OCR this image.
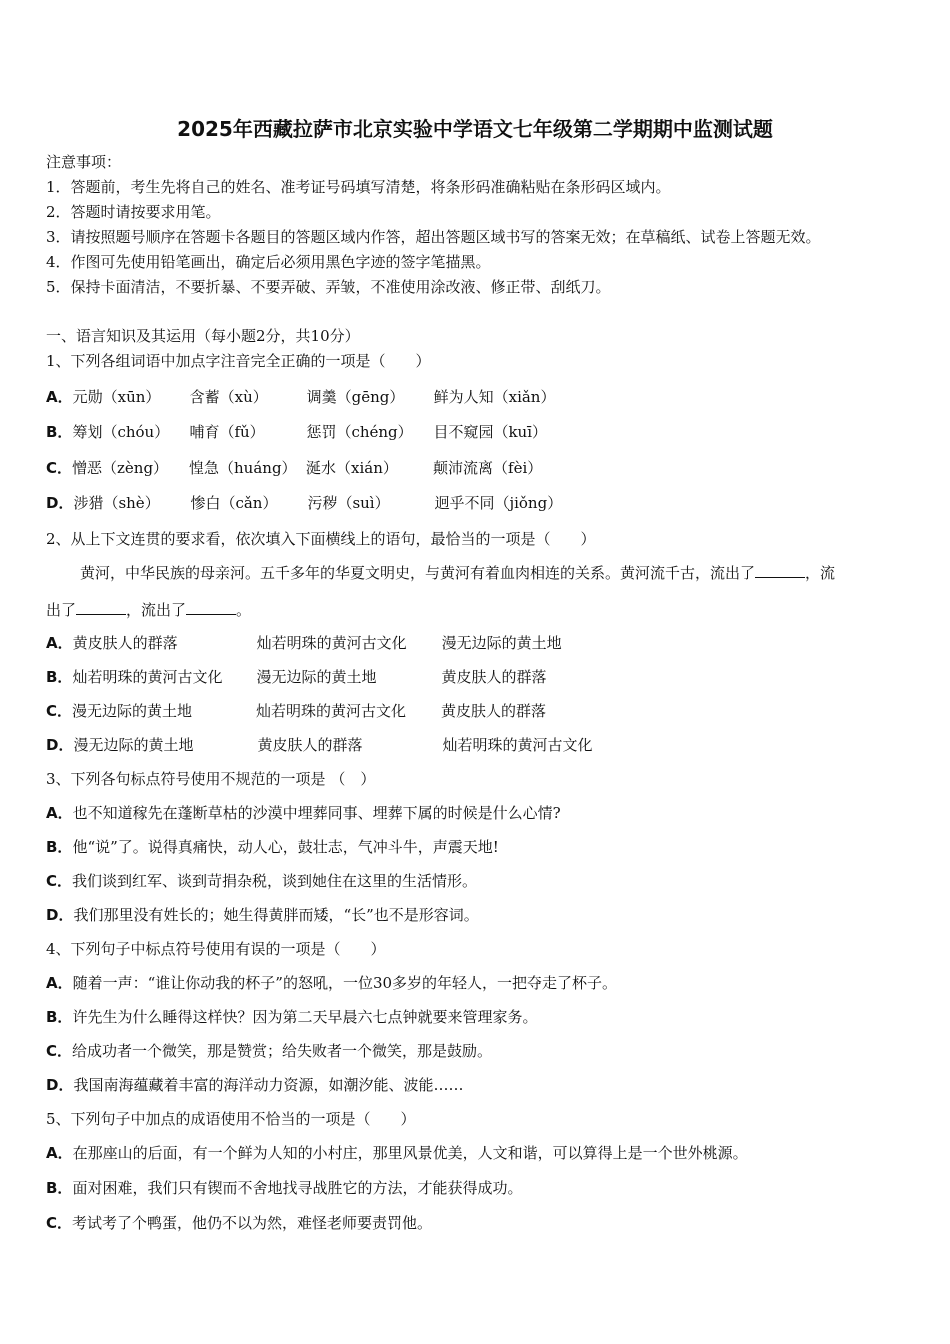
2025年西藏拉萨市北京实验中学语文七年级第二学期期中监测试题
注意事项：
1．答题前，考生先将自己的姓名、准考证号码填写清楚，将条形码准确粘贴在条形码区域内。
2．答题时请按要求用笔。
3．请按照题号顺序在答题卡各题目的答题区域内作答，超出答题区域书写的答案无效；在草稿纸、试卷上答题无效。
4．作图可先使用铅笔画出，确定后必须用黑色字迹的签字笔描黑。
5．保持卡面清洁，不要折暴、不要弄破、弄皱，不准使用涂改液、修正带、刮纸刀。
一、语言知识及其运用（每小题2分，共10分）
1、下列各组词语中加点字注音完全正确的一项是（　　）
A．元勋（xūn） 含蓄（xù）	调羹（gēng） 鲜为人知（xiǎn）
B．筹划（chóu） 哺育（fǔ）	惩罚（chéng） 目不窥园（kuī）
C．憎恶（zèng） 惶急（huáng） 涎水（xián） 颠沛流离（fèi）
D．涉猎（shè） 惨白（cǎn） 污秽（suì）	迥乎不同（jiǒng）
2、从上下文连贯的要求看，依次填入下面横线上的语句，最恰当的一项是（　　）
黄河，中华民族的母亲河。五千多年的华夏文明史，与黄河有着血肉相连的关系。黄河流千古，流出了	，流
出了	，流出了	。
A．黄皮肤人的群落	灿若明珠的黄河古文化 漫无边际的黄土地
B．灿若明珠的黄河古文化 漫无边际的黄土地	黄皮肤人的群落
C．漫无边际的黄土地	灿若明珠的黄河古文化 黄皮肤人的群落
D．漫无边际的黄土地	黄皮肤人的群落	灿若明珠的黄河古文化
3、下列各句标点符号使用不规范的一项是 （　）
A．也不知道稼先在蓬断草枯的沙漠中埋葬同事、埋葬下属的时候是什么心情?
B．他“说”了。说得真痛快，动人心，鼓壮志，气冲斗牛，声震天地!
C．我们谈到红军、谈到苛捐杂税，谈到她住在这里的生活情形。
D．我们那里没有姓长的；她生得黄胖而矮，“长”也不是形容词。
4、下列句子中标点符号使用有误的一项是（　　）
A．随着一声：“谁让你动我的杯子”的怒吼，一位30多岁的年轻人，一把夺走了杯子。
B．许先生为什么睡得这样快？因为第二天早晨六七点钟就要来管理家务。
C．给成功者一个微笑，那是赞赏；给失败者一个微笑，那是鼓励。
D．我国南海蕴藏着丰富的海洋动力资源，如潮汐能、波能……
5、下列句子中加点的成语使用不恰当的一项是（　　）
A．在那座山的后面，有一个鲜为人知的小村庄，那里风景优美，人文和谐，可以算得上是一个世外桃源。
B．面对困难，我们只有锲而不舍地找寻战胜它的方法，才能获得成功。
C．考试考了个鸭蛋，他仍不以为然，难怪老师要责罚他。
